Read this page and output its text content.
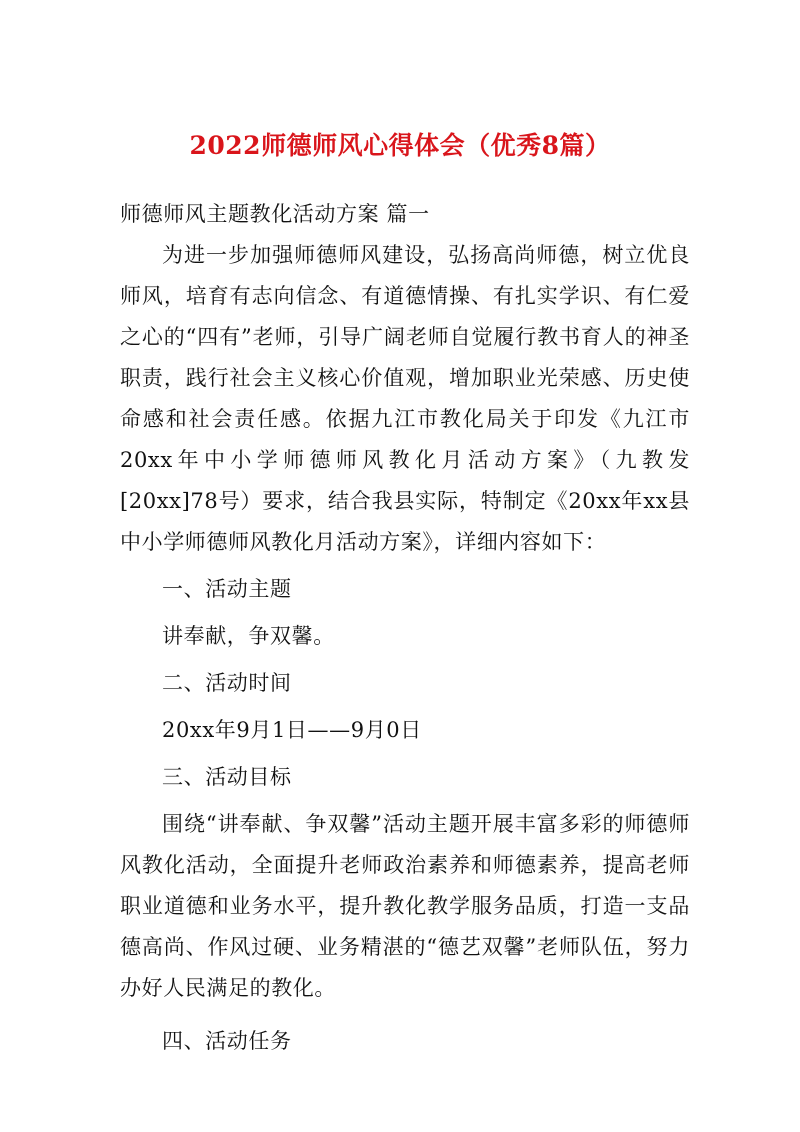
2022师德师风心得体会（优秀8篇）

师德师风主题教化活动方案 篇一

为进一步加强师德师风建设，弘扬高尚师德，树立优良师风，培育有志向信念、有道德情操、有扎实学识、有仁爱之心的“四有”老师，引导广阔老师自觉履行教书育人的神圣职责，践行社会主义核心价值观，增加职业光荣感、历史使命感和社会责任感。依据九江市教化局关于印发《九江市20xx年中小学师德师风教化月活动方案》（九教发[20xx]78号）要求，结合我县实际，特制定《20xx年xx县中小学师德师风教化月活动方案》，详细内容如下：

一、活动主题

讲奉献，争双馨。

二、活动时间

20xx年9月1日——9月0日

三、活动目标

围绕“讲奉献、争双馨”活动主题开展丰富多彩的师德师风教化活动，全面提升老师政治素养和师德素养，提高老师职业道德和业务水平，提升教化教学服务品质，打造一支品德高尚、作风过硬、业务精湛的“德艺双馨”老师队伍，努力办好人民满足的教化。

四、活动任务
